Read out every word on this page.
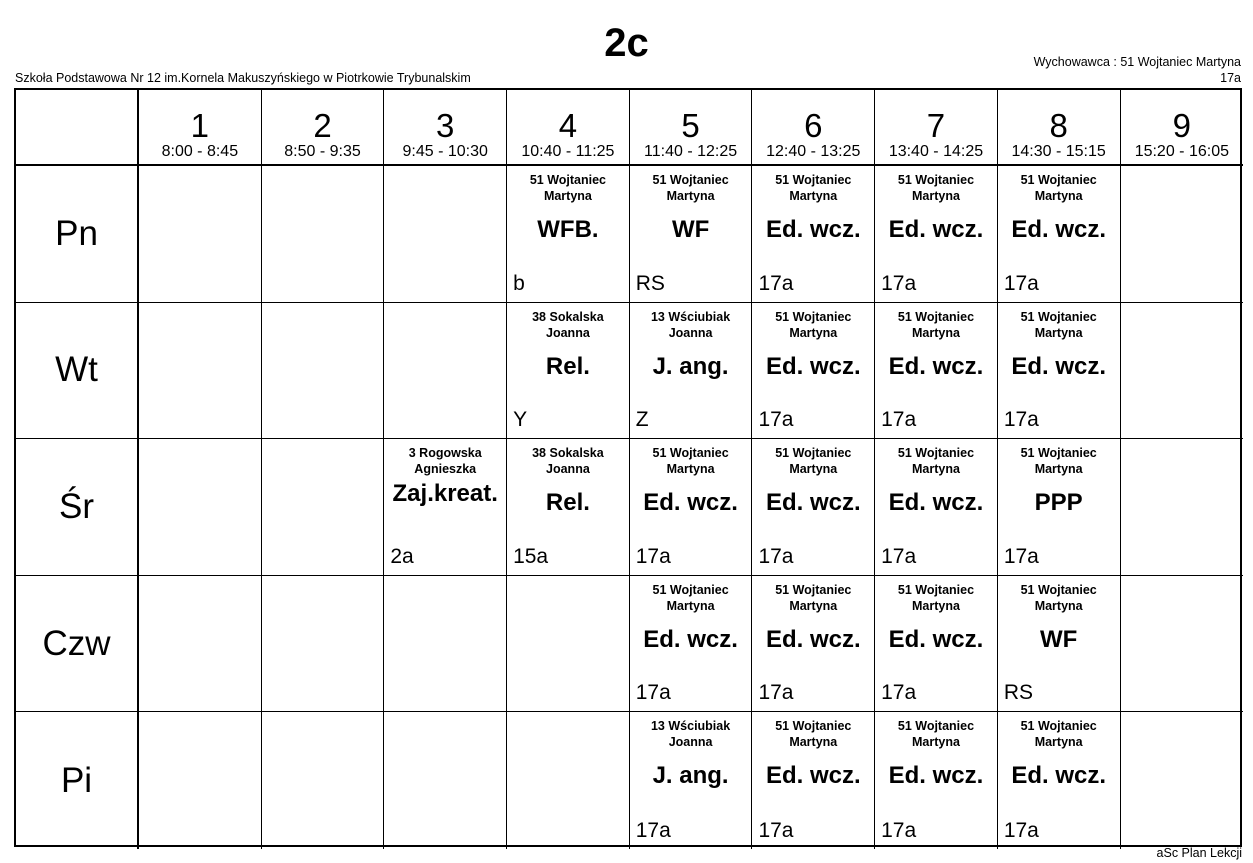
2c
Szkoła Podstawowa Nr 12 im.Kornela Makuszyńskiego w Piotrkowie Trybunalskim
Wychowawca : 51 Wojtaniec Martyna
17a
1
8:00 - 8:45
2
8:50 - 9:35
3
9:45 - 10:30
4
10:40 - 11:25
5
11:40 - 12:25
6
12:40 - 13:25
7
13:40 - 14:25
8
14:30 - 15:15
9
15:20 - 16:05
Pn
51 Wojtaniec Martyna
WFB.
b
51 Wojtaniec Martyna
WF
RS
51 Wojtaniec Martyna
Ed. wcz.
17a
51 Wojtaniec Martyna
Ed. wcz.
17a
51 Wojtaniec Martyna
Ed. wcz.
17a
Wt
38 Sokalska Joanna
Rel.
Y
13 Wściubiak Joanna
J. ang.
Z
51 Wojtaniec Martyna
Ed. wcz.
17a
51 Wojtaniec Martyna
Ed. wcz.
17a
51 Wojtaniec Martyna
Ed. wcz.
17a
Śr
3 Rogowska Agnieszka
Zaj.kreat.
2a
38 Sokalska Joanna
Rel.
15a
51 Wojtaniec Martyna
Ed. wcz.
17a
51 Wojtaniec Martyna
Ed. wcz.
17a
51 Wojtaniec Martyna
Ed. wcz.
17a
51 Wojtaniec Martyna
PPP
17a
Czw
51 Wojtaniec Martyna
Ed. wcz.
17a
51 Wojtaniec Martyna
Ed. wcz.
17a
51 Wojtaniec Martyna
Ed. wcz.
17a
51 Wojtaniec Martyna
WF
RS
Pi
13 Wściubiak Joanna
J. ang.
17a
51 Wojtaniec Martyna
Ed. wcz.
17a
51 Wojtaniec Martyna
Ed. wcz.
17a
51 Wojtaniec Martyna
Ed. wcz.
17a
aSc Plan Lekcji
